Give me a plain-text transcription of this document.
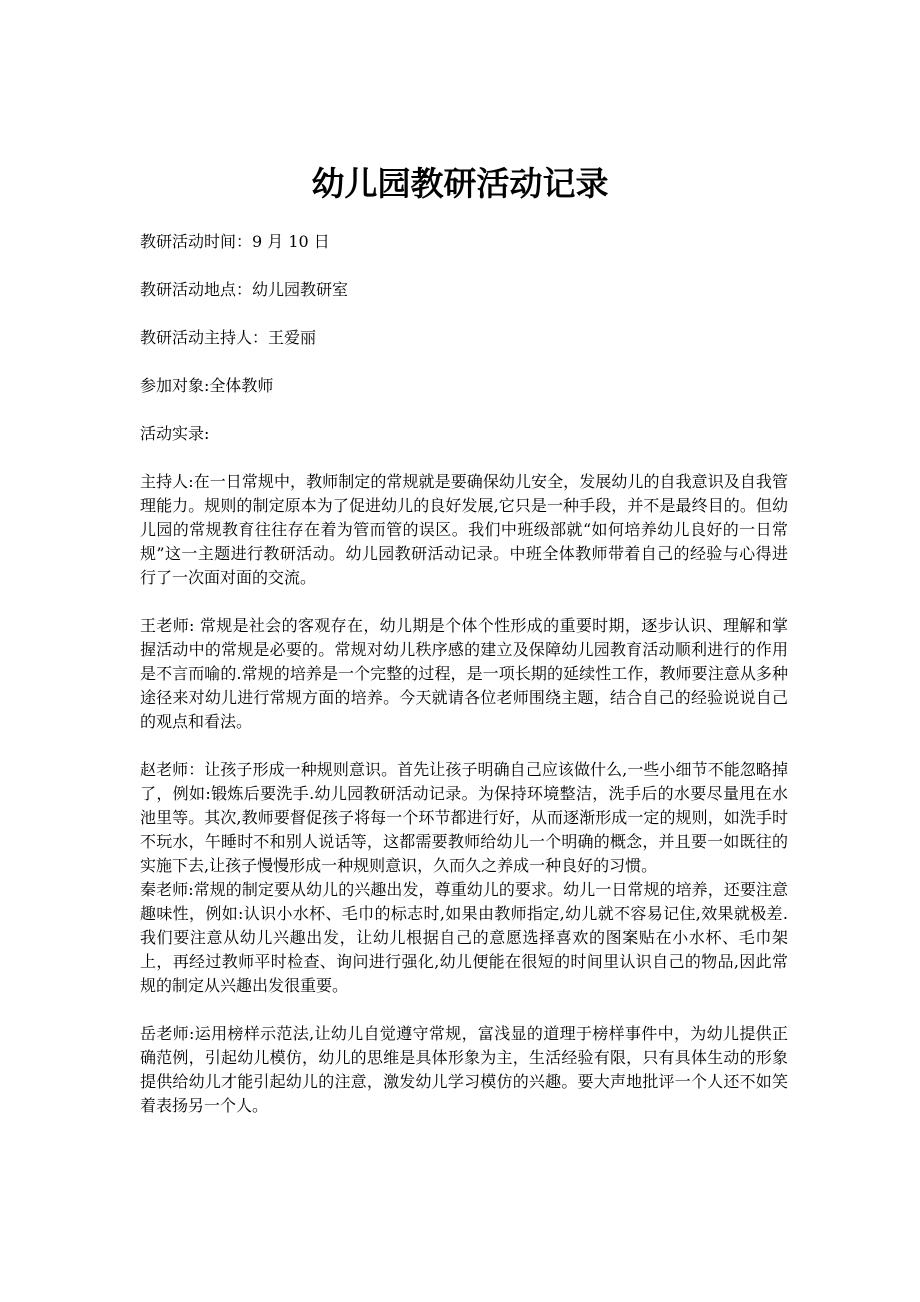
幼儿园教研活动记录

教研活动时间：9 月 10 日

教研活动地点：幼儿园教研室

教研活动主持人：王爱丽

参加对象:全体教师

活动实录:

主持人:在一日常规中，教师制定的常规就是要确保幼儿安全，发展幼儿的自我意识及自我管理能力。规则的制定原本为了促进幼儿的良好发展,它只是一种手段，并不是最终目的。但幼儿园的常规教育往往存在着为管而管的误区。我们中班级部就“如何培养幼儿良好的一日常规”这一主题进行教研活动。幼儿园教研活动记录。中班全体教师带着自己的经验与心得进行了一次面对面的交流。

王老师: 常规是社会的客观存在，幼儿期是个体个性形成的重要时期，逐步认识、理解和掌握活动中的常规是必要的。常规对幼儿秩序感的建立及保障幼儿园教育活动顺利进行的作用是不言而喻的.常规的培养是一个完整的过程，是一项长期的延续性工作，教师要注意从多种途径来对幼儿进行常规方面的培养。今天就请各位老师围绕主题，结合自己的经验说说自己的观点和看法。

赵老师：让孩子形成一种规则意识。首先让孩子明确自己应该做什么,一些小细节不能忽略掉了，例如:锻炼后要洗手.幼儿园教研活动记录。为保持环境整洁，洗手后的水要尽量甩在水池里等。其次,教师要督促孩子将每一个环节都进行好，从而逐渐形成一定的规则，如洗手时不玩水，午睡时不和别人说话等，这都需要教师给幼儿一个明确的概念，并且要一如既往的实施下去,让孩子慢慢形成一种规则意识，久而久之养成一种良好的习惯。

秦老师:常规的制定要从幼儿的兴趣出发，尊重幼儿的要求。幼儿一日常规的培养，还要注意趣味性，例如:认识小水杯、毛巾的标志时,如果由教师指定,幼儿就不容易记住,效果就极差.我们要注意从幼儿兴趣出发，让幼儿根据自己的意愿选择喜欢的图案贴在小水杯、毛巾架上，再经过教师平时检查、询问进行强化,幼儿便能在很短的时间里认识自己的物品,因此常规的制定从兴趣出发很重要。

岳老师:运用榜样示范法,让幼儿自觉遵守常规，富浅显的道理于榜样事件中，为幼儿提供正确范例，引起幼儿模仿，幼儿的思维是具体形象为主，生活经验有限，只有具体生动的形象提供给幼儿才能引起幼儿的注意，激发幼儿学习模仿的兴趣。要大声地批评一个人还不如笑着表扬另一个人。
